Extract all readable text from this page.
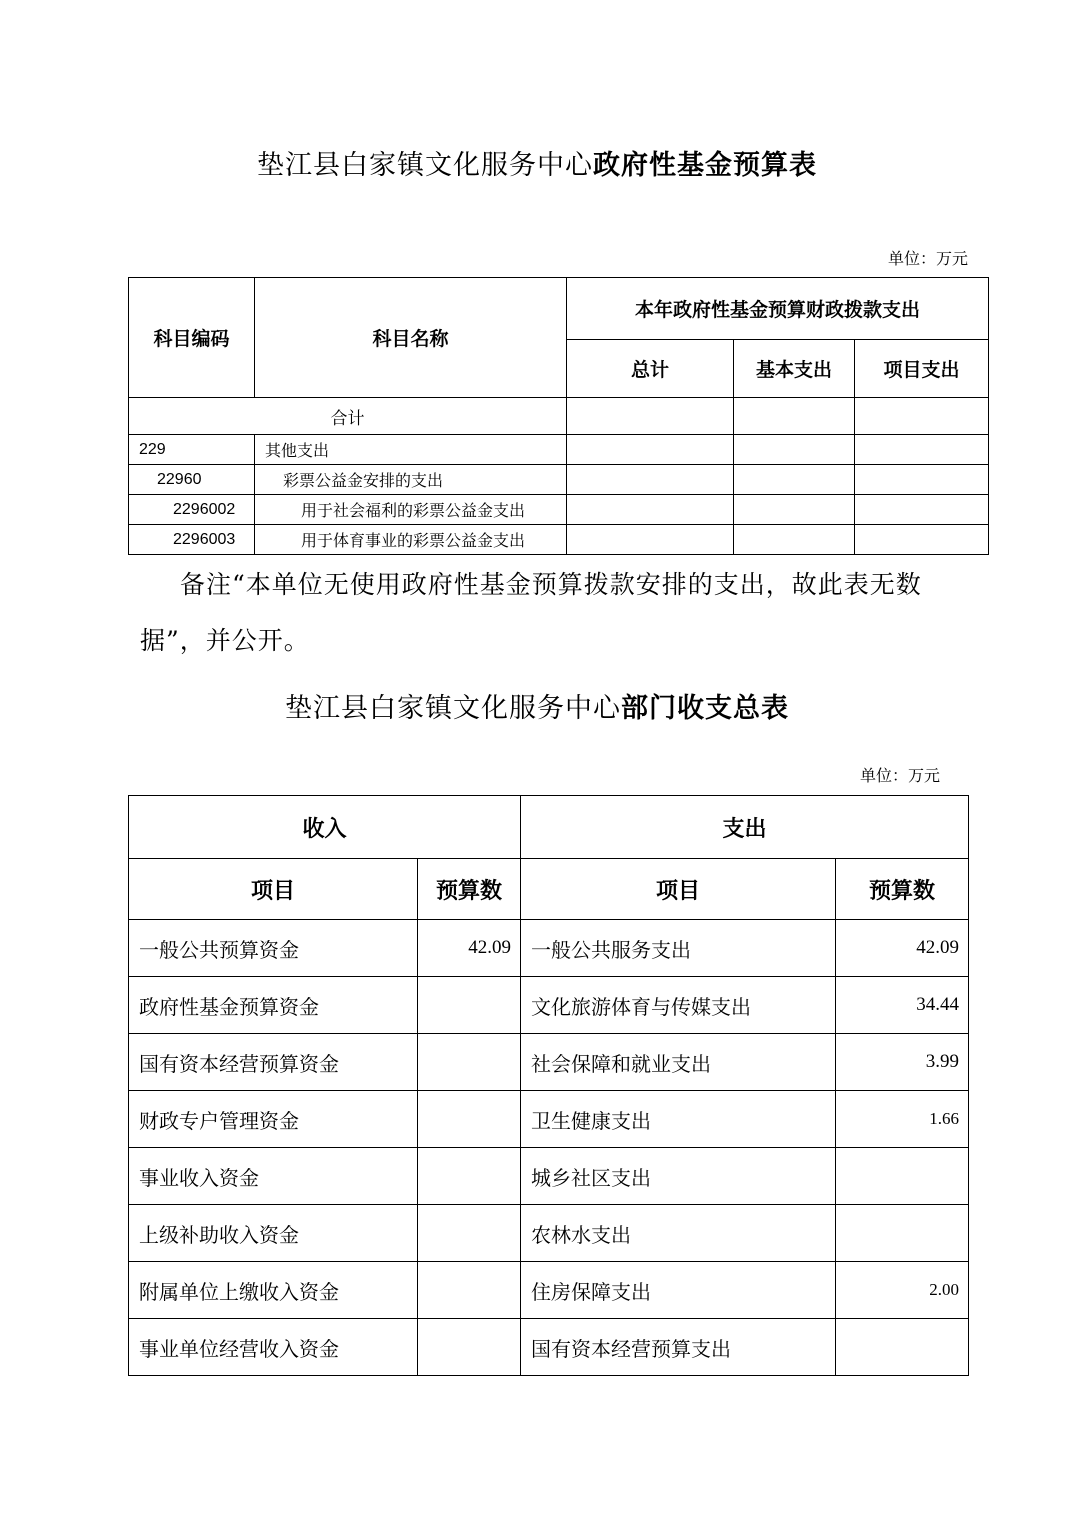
垫江县白家镇文化服务中心政府性基金预算表
单位：万元
科目编码	科目名称	本年政府性基金预算财政拨款支出		
		总计	基本支出	项目支出
合计				
229	其他支出			
22960	彩票公益金安排的支出			
2296002	用于社会福利的彩票公益金支出			
2296003	用于体育事业的彩票公益金支出			
备注“本单位无使用政府性基金预算拨款安排的支出，故此表无数据”，并公开。
垫江县白家镇文化服务中心部门收支总表
单位：万元
收入		支出	
项目	预算数	项目	预算数
一般公共预算资金	42.09	一般公共服务支出	42.09
政府性基金预算资金		文化旅游体育与传媒支出	34.44
国有资本经营预算资金		社会保障和就业支出	3.99
财政专户管理资金		卫生健康支出	1.66
事业收入资金		城乡社区支出	
上级补助收入资金		农林水支出	
附属单位上缴收入资金		住房保障支出	2.00
事业单位经营收入资金		国有资本经营预算支出	
